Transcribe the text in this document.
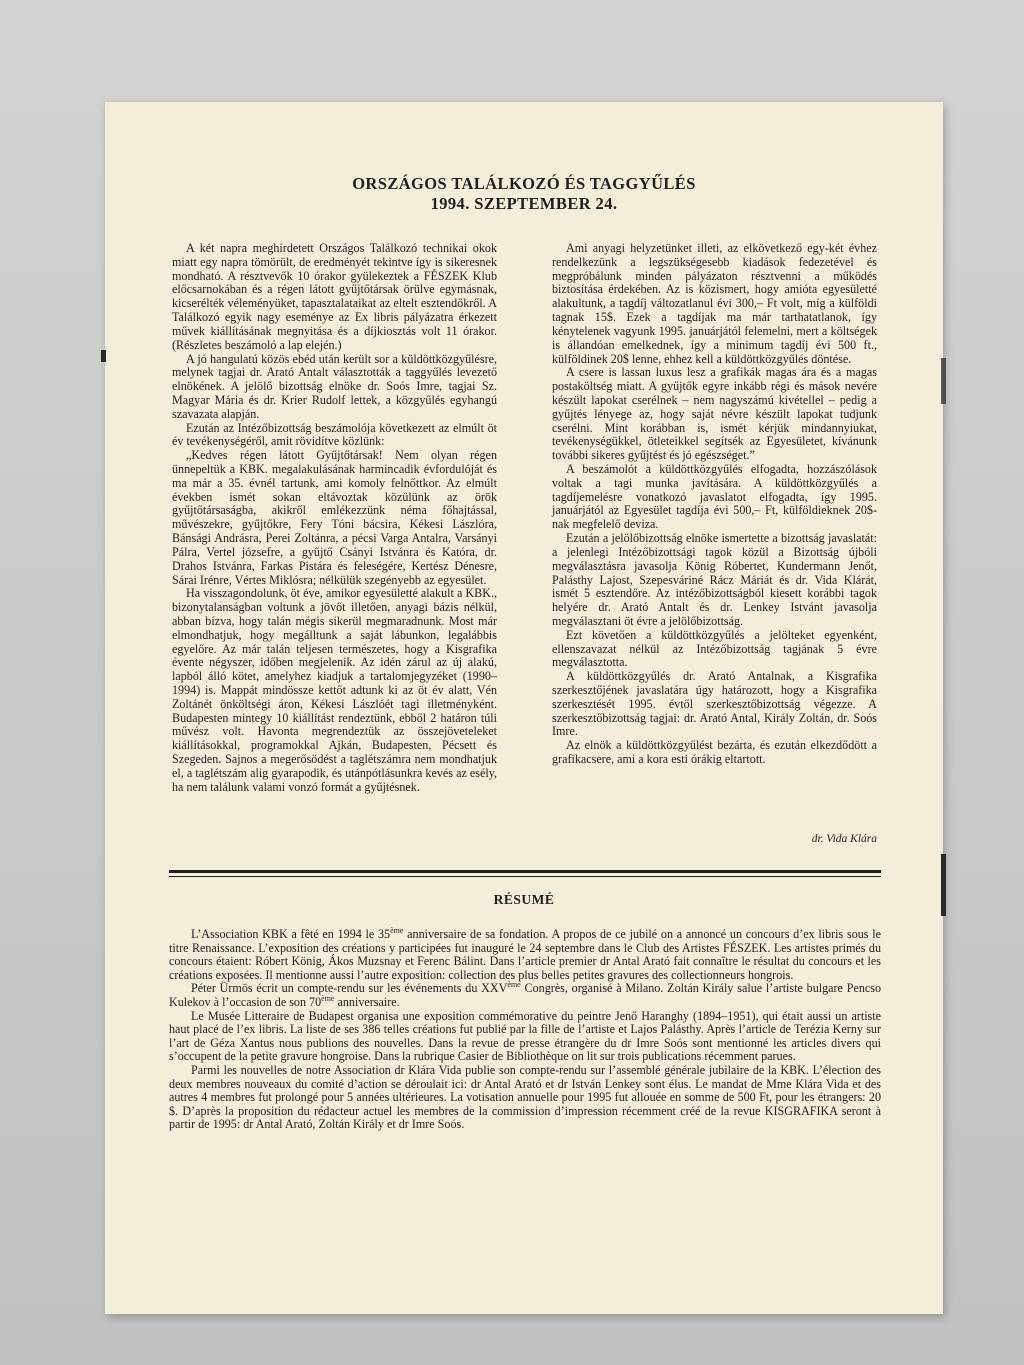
ORSZÁGOS TALÁLKOZÓ ÉS TAGGYŰLÉS
1994. SZEPTEMBER 24.

A két napra meghirdetett Országos Találkozó technikai okok miatt egy napra tömörült, de eredményét tekintve így is sikeresnek mondható. A résztvevők 10 órakor gyülekeztek a FÉSZEK Klub előcsarnokában és a régen látott gyűjtőtársak örülve egymásnak, kicserélték véleményüket, tapasztalataikat az eltelt esztendőkről. A Találkozó egyik nagy eseménye az Ex libris pályázatra érkezett művek kiállításának megnyitása és a díjkiosztás volt 11 órakor. (Részletes beszámoló a lap elején.)

A jó hangulatú közös ebéd után került sor a küldöttközgyűlésre, melynek tagjai dr. Arató Antalt választották a taggyűlés levezető elnökének. A jelölő bizottság elnöke dr. Soós Imre, tagjai Sz. Magyar Mária és dr. Krier Rudolf lettek, a közgyűlés egyhangú szavazata alapján.

Ezután az Intézőbizottság beszámolója következett az elmúlt öt év tevékenységéről, amit rövidítve közlünk:

„Kedves régen látott Gyűjtőtársak! Nem olyan régen ünnepeltük a KBK. megalakulásának harmincadik évfordulóját és ma már a 35. évnél tartunk, ami komoly felnőttkor. Az elmúlt években ismét sokan eltávoztak közülünk az örök gyűjtőtársaságba, akikről emlékezzünk néma főhajtással, művészekre, gyűjtőkre, Fery Tóni bácsira, Kékesi Lászlóra, Bánsági Andrásra, Perei Zoltánra, a pécsi Varga Antalra, Varsányi Pálra, Vertel józsefre, a gyűjtő Csányi Istvánra és Katóra, dr. Drahos Istvánra, Farkas Pistára és feleségére, Kertész Dénesre, Sárai Irénre, Vértes Miklósra; nélkülük szegényebb az egyesület.

Ha visszagondolunk, öt éve, amikor egyesületté alakult a KBK., bizonytalanságban voltunk a jövőt illetően, anyagi bázis nélkül, abban bízva, hogy talán mégis sikerül megmaradnunk. Most már elmondhatjuk, hogy megálltunk a saját lábunkon, legalábbis egyelőre. Az már talán teljesen természetes, hogy a Kisgrafika évente négyszer, időben megjelenik. Az idén zárul az új alakú, lapból álló kötet, amelyhez kiadjuk a tartalomjegyzéket (1990–1994) is. Mappát mindössze kettőt adtunk ki az öt év alatt, Vén Zoltánét önköltségi áron, Kékesi Lászlóét tagi illetményként. Budapesten mintegy 10 kiállítást rendeztünk, ebből 2 határon túli művész volt. Havonta megrendeztük az összejöveteleket kiállításokkal, programokkal Ajkán, Budapesten, Pécsett és Szegeden. Sajnos a megerősödést a taglétszámra nem mondhatjuk el, a taglétszám alig gyarapodik, és utánpótlásunkra kevés az esély, ha nem találunk valami vonzó formát a gyűjtésnek.

Ami anyagi helyzetünket illeti, az elkövetkező egy-két évhez rendelkezünk a legszükségesebb kiadások fedezetével és megpróbálunk minden pályázaton résztvenni a működés biztosítása érdekében. Az is közismert, hogy amióta egyesületté alakultunk, a tagdíj változatlanul évi 300,– Ft volt, míg a külföldi tagnak 15$. Ezek a tagdíjak ma már tarthatatlanok, így kénytelenek vagyunk 1995. januárjától felemelni, mert a költségek is állandóan emelkednek, így a minimum tagdíj évi 500 ft., külföldinek 20$ lenne, ehhez kell a küldöttközgyűlés döntése.

A csere is lassan luxus lesz a grafikák magas ára és a magas postaköltség miatt. A gyűjtők egyre inkább régi és mások nevére készült lapokat cserélnek – nem nagyszámú kivétellel – pedig a gyűjtés lényege az, hogy saját névre készült lapokat tudjunk cserélni. Mint korábban is, ismét kérjük mindannyiukat, tevékenységükkel, ötleteikkel segítsék az Egyesületet, kívánunk további sikeres gyűjtést és jó egészséget.”

A beszámolót a küldöttközgyűlés elfogadta, hozzászólások voltak a tagi munka javítására. A küldöttközgyűlés a tagdíjemelésre vonatkozó javaslatot elfogadta, így 1995. januárjától az Egyesület tagdíja évi 500,– Ft, külföldieknek 20$-nak megfelelő deviza.

Ezután a jelölőbizottság elnöke ismertette a bizottság javaslatát: a jelenlegi Intézőbizottsági tagok közül a Bizottság újbóli megválasztásra javasolja König Róbertet, Kundermann Jenőt, Palásthy Lajost, Szepesváriné Rácz Máriát és dr. Vida Klárát, ismét 5 esztendőre. Az intézőbizottságból kiesett korábbi tagok helyére dr. Arató Antalt és dr. Lenkey Istvánt javasolja megválasztani öt évre a jelölőbizottság.

Ezt követően a küldöttközgyűlés a jelölteket egyenként, ellenszavazat nélkül az Intézőbizottság tagjának 5 évre megválasztotta.

A küldöttközgyűlés dr. Arató Antalnak, a Kisgrafika szerkesztőjének javaslatára úgy határozott, hogy a Kisgrafika szerkesztését 1995. évtől szerkesztőbizottság végezze. A szerkesztőbizottság tagjai: dr. Arató Antal, Király Zoltán, dr. Soós Imre.

Az elnök a küldöttközgyűlést bezárta, és ezután elkezdődött a grafikacsere, ami a kora esti órákig eltartott.

dr. Vida Klára
RÉSUMÉ

L’Association KBK a fêté en 1994 le 35ème anniversaire de sa fondation. A propos de ce jubilé on a annoncé un concours d’ex libris sous le titre Renaissance. L’exposition des créations y participées fut inauguré le 24 septembre dans le Club des Artistes FÉSZEK. Les artistes primés du concours étaient: Róbert König, Ákos Muzsnay et Ferenc Bálint. Dans l’article premier dr Antal Arató fait connaître le résultat du concours et les créations exposées. Il mentionne aussi l’autre exposition: collection des plus belles petites gravures des collectionneurs hongrois.

Péter Ürmös écrit un compte-rendu sur les événements du XXVème Congrès, organisé à Milano. Zoltán Király salue l’artiste bulgare Pencso Kulekov à l’occasion de son 70ème anniversaire.

Le Musée Litteraire de Budapest organisa une exposition commémorative du peintre Jenő Haranghy (1894–1951), qui était aussi un artiste haut placé de l’ex libris. La liste de ses 386 telles créations fut publié par la fille de l’artiste et Lajos Palásthy. Après l’article de Terézia Kerny sur l’art de Géza Xantus nous publions des nouvelles. Dans la revue de presse étrangère du dr Imre Soós sont mentionné les articles divers qui s’occupent de la petite gravure hongroise. Dans la rubrique Casier de Bibliothèque on lit sur trois publications récemment parues.

Parmi les nouvelles de notre Association dr Klára Vida publie son compte-rendu sur l’assemblé générale jubilaire de la KBK. L’élection des deux membres nouveaux du comité d’action se déroulait ici: dr Antal Arató et dr István Lenkey sont élus. Le mandat de Mme Klára Vida et des autres 4 membres fut prolongé pour 5 années ultérieures. La votisation annuelle pour 1995 fut allouée en somme de 500 Ft, pour les étrangers: 20 $. D’après la proposition du rédacteur actuel les membres de la commission d’impression récemment créé de la revue KISGRAFIKA seront à partir de 1995: dr Antal Arató, Zoltán Király et dr Imre Soós.
